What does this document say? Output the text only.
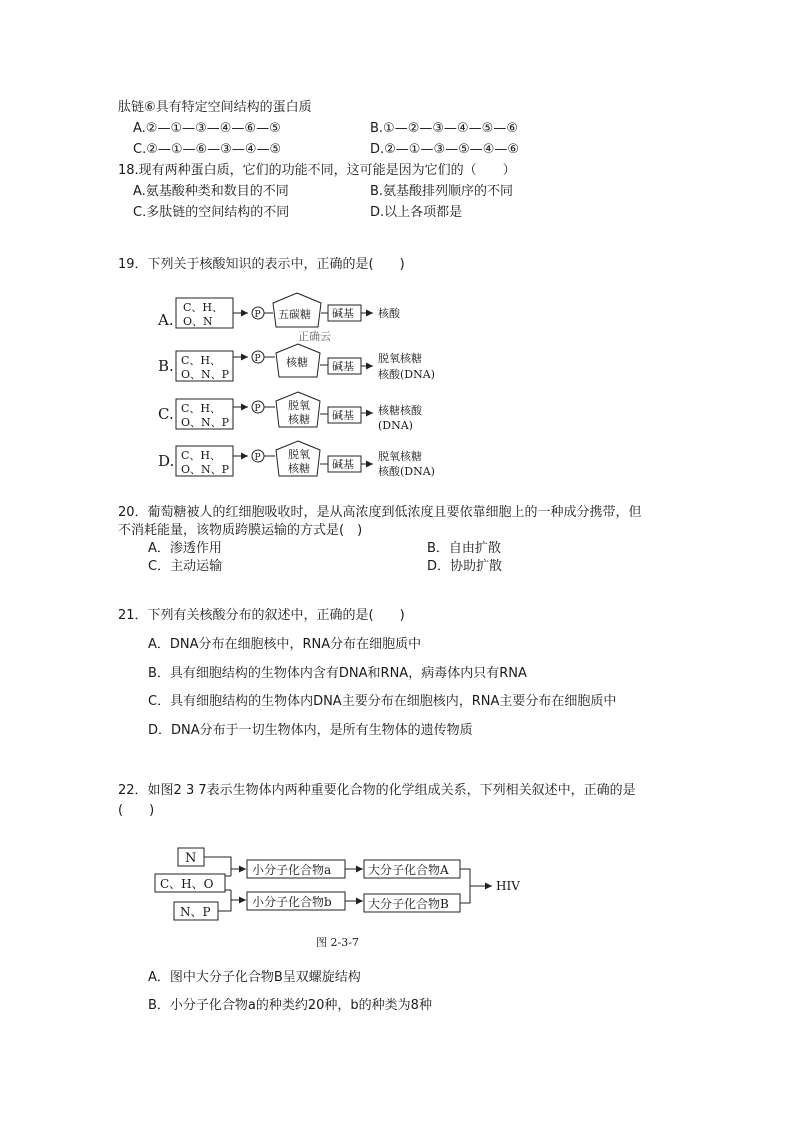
肽链⑥具有特定空间结构的蛋白质
A.②—①—③—④—⑥—⑤	B.①—②—③—④—⑤—⑥
C.②—①—⑥—③—④—⑤	D.②—①—③—⑤—④—⑥
18.现有两种蛋白质，它们的功能不同，这可能是因为它们的（　　）
A.氨基酸种类和数目的不同	B.氨基酸排列顺序的不同
C.多肽链的空间结构的不同	D.以上各项都是
19．下列关于核酸知识的表示中，正确的是(　　)
A.
C、H、
O、N	P 五碳糖 碱基 核酸
正确云
B. C、H、
O、N、P
P 核糖 碱基
脱氧核糖
核酸(DNA)
C. C、H、
O、N、P
P 脱氧
核糖 碱基 核糖核酸
(DNA)
D. C、H、
O、N、P
P 脱氧
核糖 碱基
脱氧核糖
核酸(DNA)
20．葡萄糖被人的红细胞吸收时，是从高浓度到低浓度且要依靠细胞上的一种成分携带，但
不消耗能量，该物质跨膜运输的方式是(　)
A．渗透作用	B．自由扩散
C．主动运输	D．协助扩散
21．下列有关核酸分布的叙述中，正确的是(　　)
A．DNA分布在细胞核中，RNA分布在细胞质中
B．具有细胞结构的生物体内含有DNA和RNA，病毒体内只有RNA
C．具有细胞结构的生物体内DNA主要分布在细胞核内，RNA主要分布在细胞质中
D．DNA分布于一切生物体内，是所有生物体的遗传物质
22．如图2 3 7表示生物体内两种重要化合物的化学组成关系，下列相关叙述中，正确的是
(　　)
N
C、H、O
N、P
小分子化合物a
小分子化合物b
大分子化合物A
大分子化合物B
HIV
图 2-3-7
A．图中大分子化合物B呈双螺旋结构
B．小分子化合物a的种类约20种，b的种类为8种
